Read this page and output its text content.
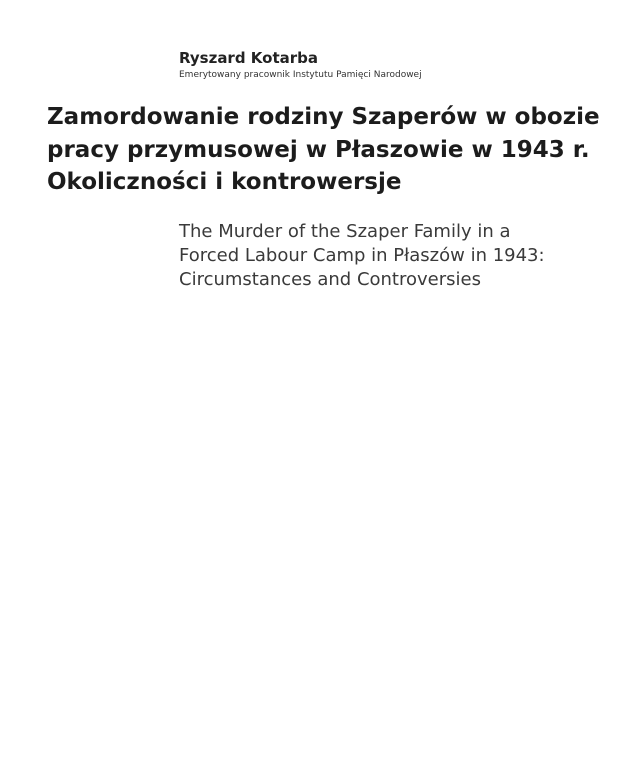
Ryszard Kotarba
Emerytowany pracownik Instytutu Pamięci Narodowej
Zamordowanie rodziny Szaperów w obozie
pracy przymusowej w Płaszowie w 1943 r.
Okoliczności i kontrowersje
The Murder of the Szaper Family in a
Forced Labour Camp in Płaszów in 1943:
Circumstances and Controversies
